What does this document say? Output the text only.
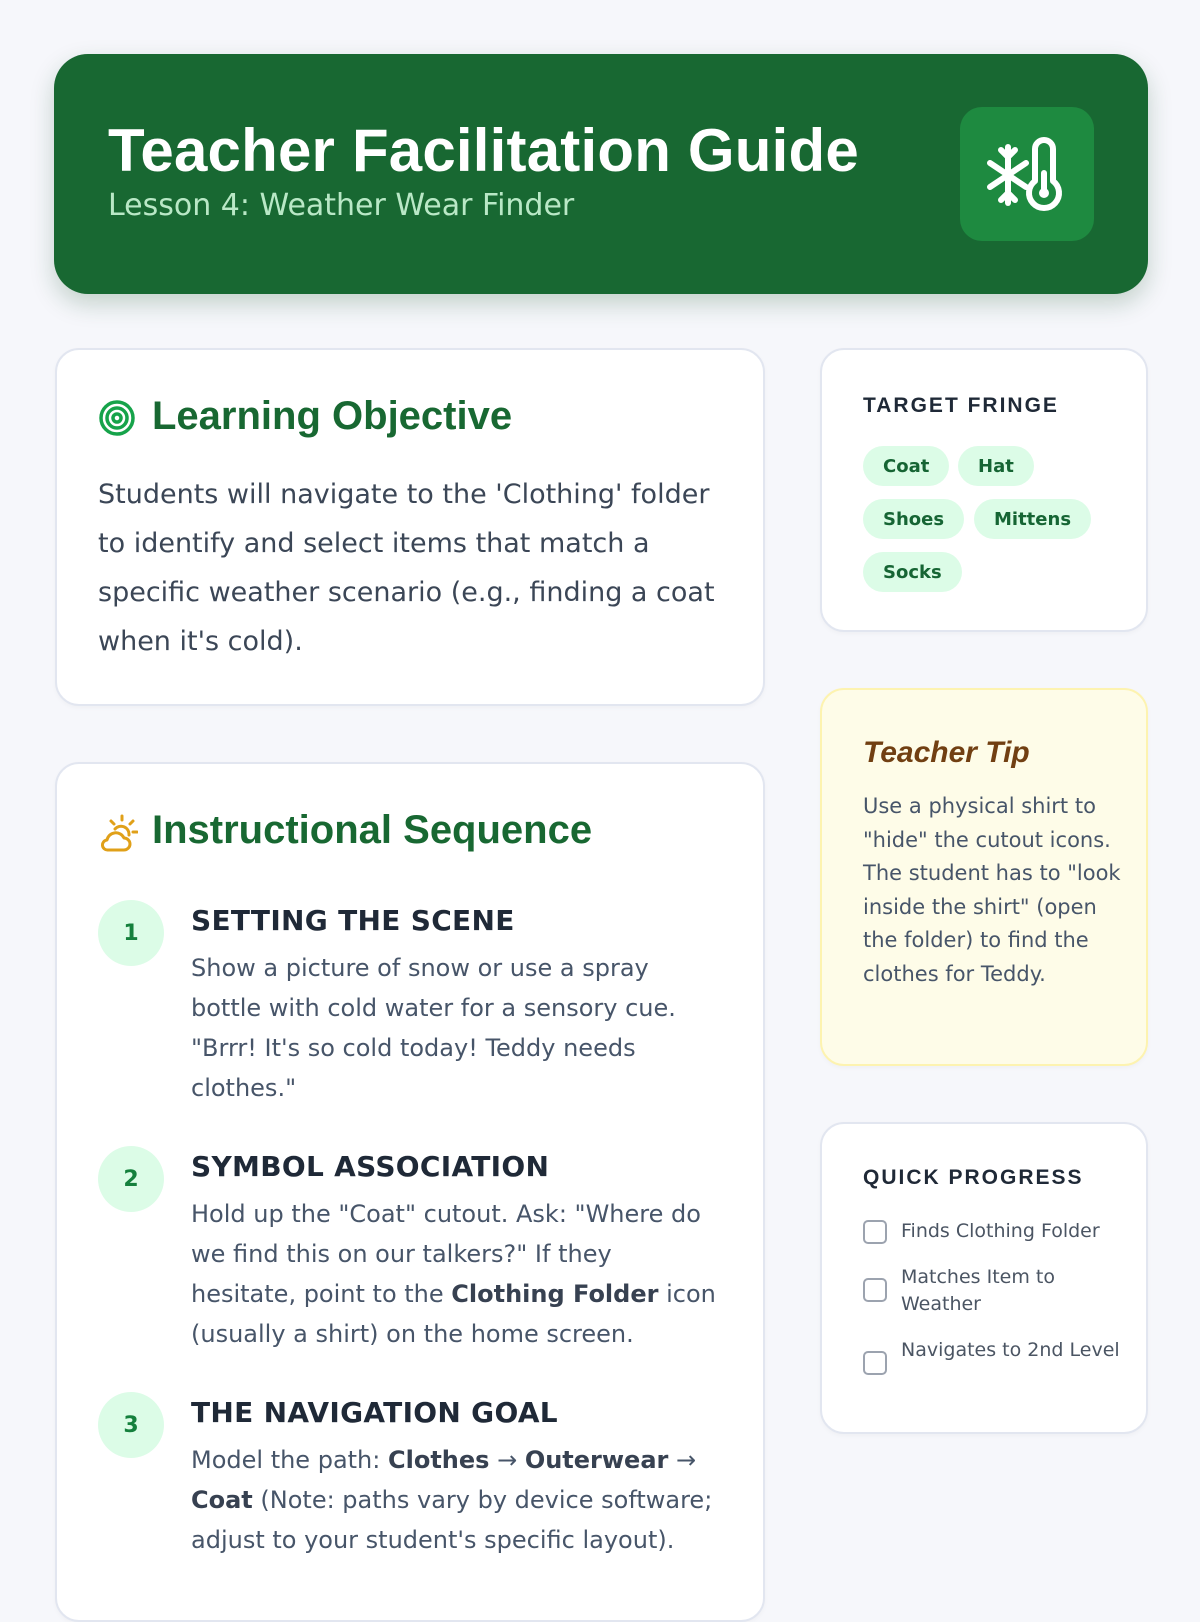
Teacher Facilitation Guide
Lesson 4: Weather Wear Finder
Learning Objective
Students will navigate to the 'Clothing' folder to identify and select items that match a specific weather scenario (e.g., finding a coat when it's cold).
Instructional Sequence
1	SETTING THE SCENE
Show a picture of snow or use a spray bottle with cold water for a sensory cue. "Brrr! It's so cold today! Teddy needs clothes."
2	SYMBOL ASSOCIATION
Hold up the "Coat" cutout. Ask: "Where do we find this on our talkers?" If they hesitate, point to the Clothing Folder icon (usually a shirt) on the home screen.
3	THE NAVIGATION GOAL
Model the path: Clothes → Outerwear → Coat (Note: paths vary by device software; adjust to your student's specific layout).
TARGET FRINGE
Coat	Hat
Shoes	Mittens
Socks
Teacher Tip
Use a physical shirt to "hide" the cutout icons. The student has to "look inside the shirt" (open the folder) to find the clothes for Teddy.
QUICK PROGRESS
Finds Clothing Folder
Matches Item to Weather
Navigates to 2nd Level
